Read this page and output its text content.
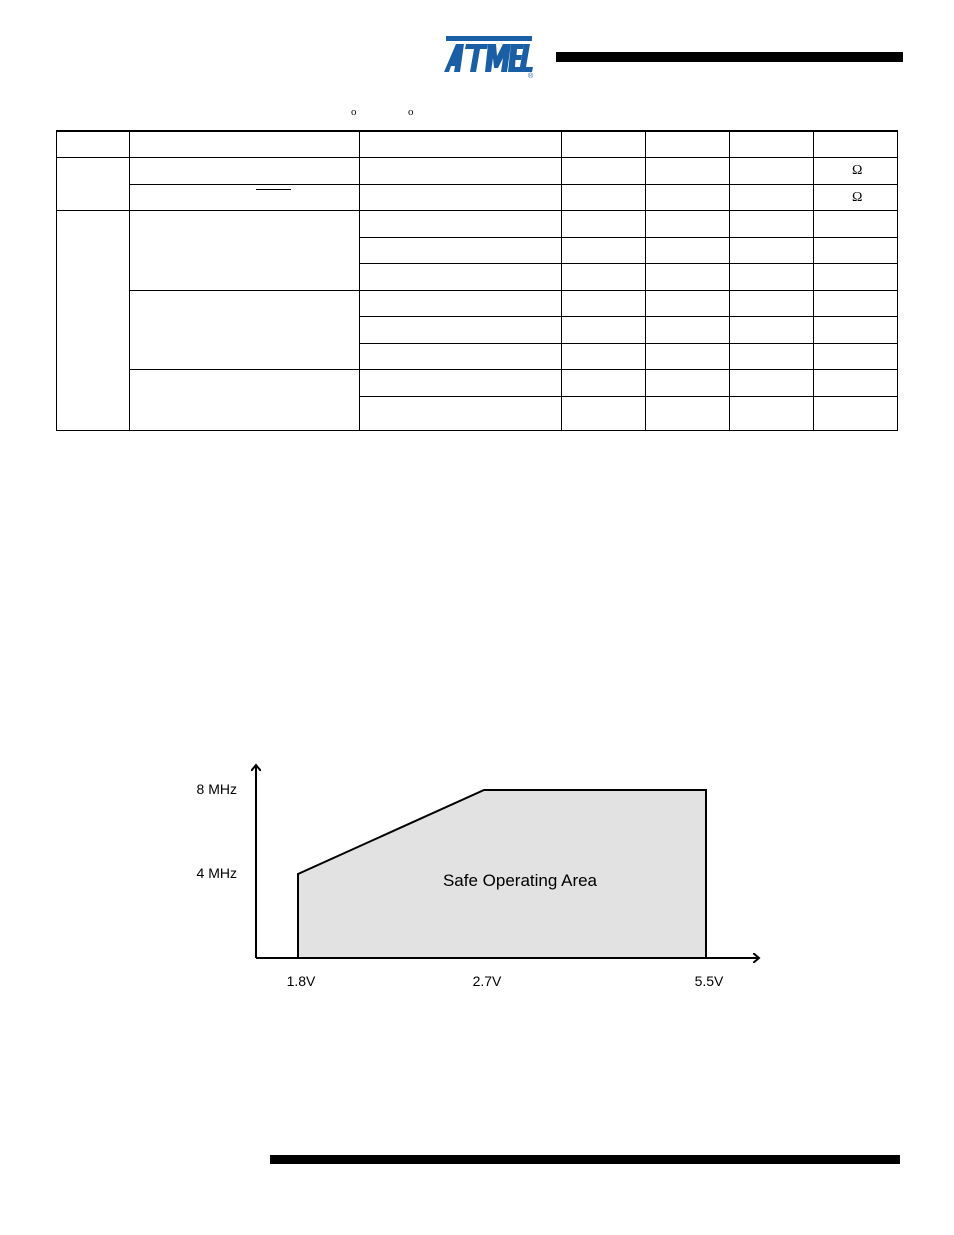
®
o	o
Ω
Ω
4 MHz
8 MHz
1.8V	2.7V	5.5V
Safe Operating Area
